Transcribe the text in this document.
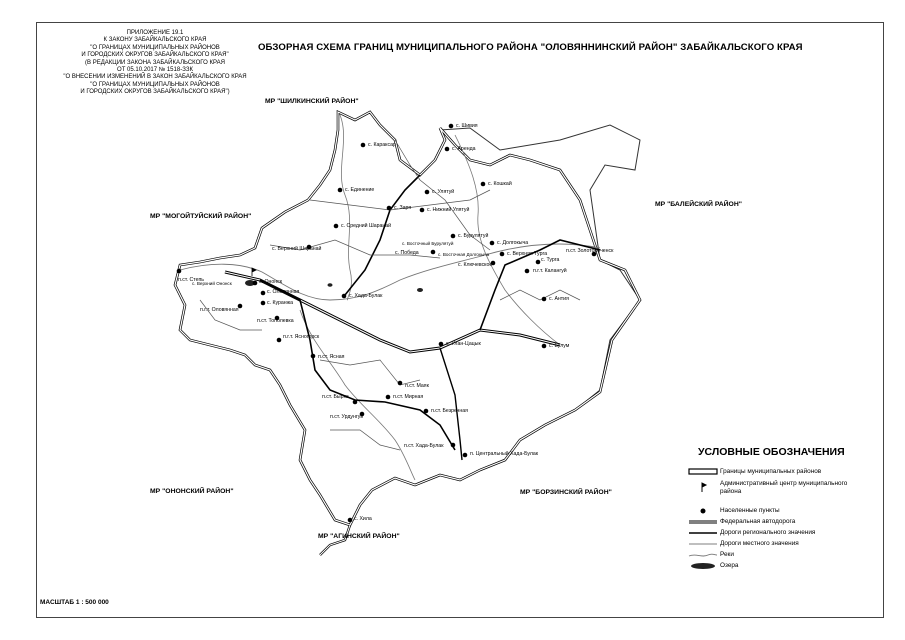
ПРИЛОЖЕНИЕ 19.1
К ЗАКОНУ ЗАБАЙКАЛЬСКОГО КРАЯ
"О ГРАНИЦАХ МУНИЦИПАЛЬНЫХ РАЙОНОВ
И ГОРОДСКИХ ОКРУГОВ ЗАБАЙКАЛЬСКОГО КРАЯ"
(В РЕДАКЦИИ ЗАКОНА ЗАБАЙКАЛЬСКОГО КРАЯ
ОТ 05.10.2017 № 1518-ЗЗК
"О ВНЕСЕНИИ ИЗМЕНЕНИЙ В ЗАКОН ЗАБАЙКАЛЬСКОГО КРАЯ
"О ГРАНИЦАХ МУНИЦИПАЛЬНЫХ РАЙОНОВ
И ГОРОДСКИХ ОКРУГОВ ЗАБАЙКАЛЬСКОГО КРАЯ")
ОБЗОРНАЯ СХЕМА ГРАНИЦ МУНИЦИПАЛЬНОГО РАЙОНА "ОЛОВЯННИНСКИЙ РАЙОН" ЗАБАЙКАЛЬСКОГО КРАЯ
МР "ШИЛКИНСКИЙ РАЙОН"
МР "МОГОЙТУЙСКИЙ РАЙОН"
МР "БАЛЕЙСКИЙ РАЙОН"
МР "ОНОНСКИЙ РАЙОН"	МР "БОРЗИНСКИЙ РАЙОН"
МР "АГИНСКИЙ РАЙОН"
с. Шивия
с. Аренда
с. Караксар
с. Единение	с. Улятуй
с. Кошкай
с. Заря	с. Нижний Улятуй
с. Средний Шаранай
с. Бурулятуй
с. Восточный Бурулятуй	с. Долгокыча
с. Победа	с. Восточная Долгокыча	с. Верхняя Турга	п.ст. Золотореченск
с. Турга
с. Ключевское
п.г.т. Калангуй
с. Верхний Шаранай
п.ст. Степь
с. Верхний Ононск	с. Ононск
с. Оловянная
с. Хада-Булак	с. Антия
с. Куранжа
п.г.т. Оловянная
п.ст. Тополевка
п.г.т. Ясногорск
с. Улан-Цацык	с. Булум
п.ст. Ясная
п.ст. Маяк
п.ст. Бырка	п.ст. Мирная
п.ст. Безречная
п.ст. Урдунгуй
п.ст. Хада-Булак
п. Центральный Хада-Булак
с. Хила
МАСШТАБ 1 : 500 000
УСЛОВНЫЕ ОБОЗНАЧЕНИЯ
Границы муниципальных районов
Административный центр муниципального района
Населенные пункты
Федеральная автодорога
Дороги регионального значения
Дороги местного значения
Реки
Озера
